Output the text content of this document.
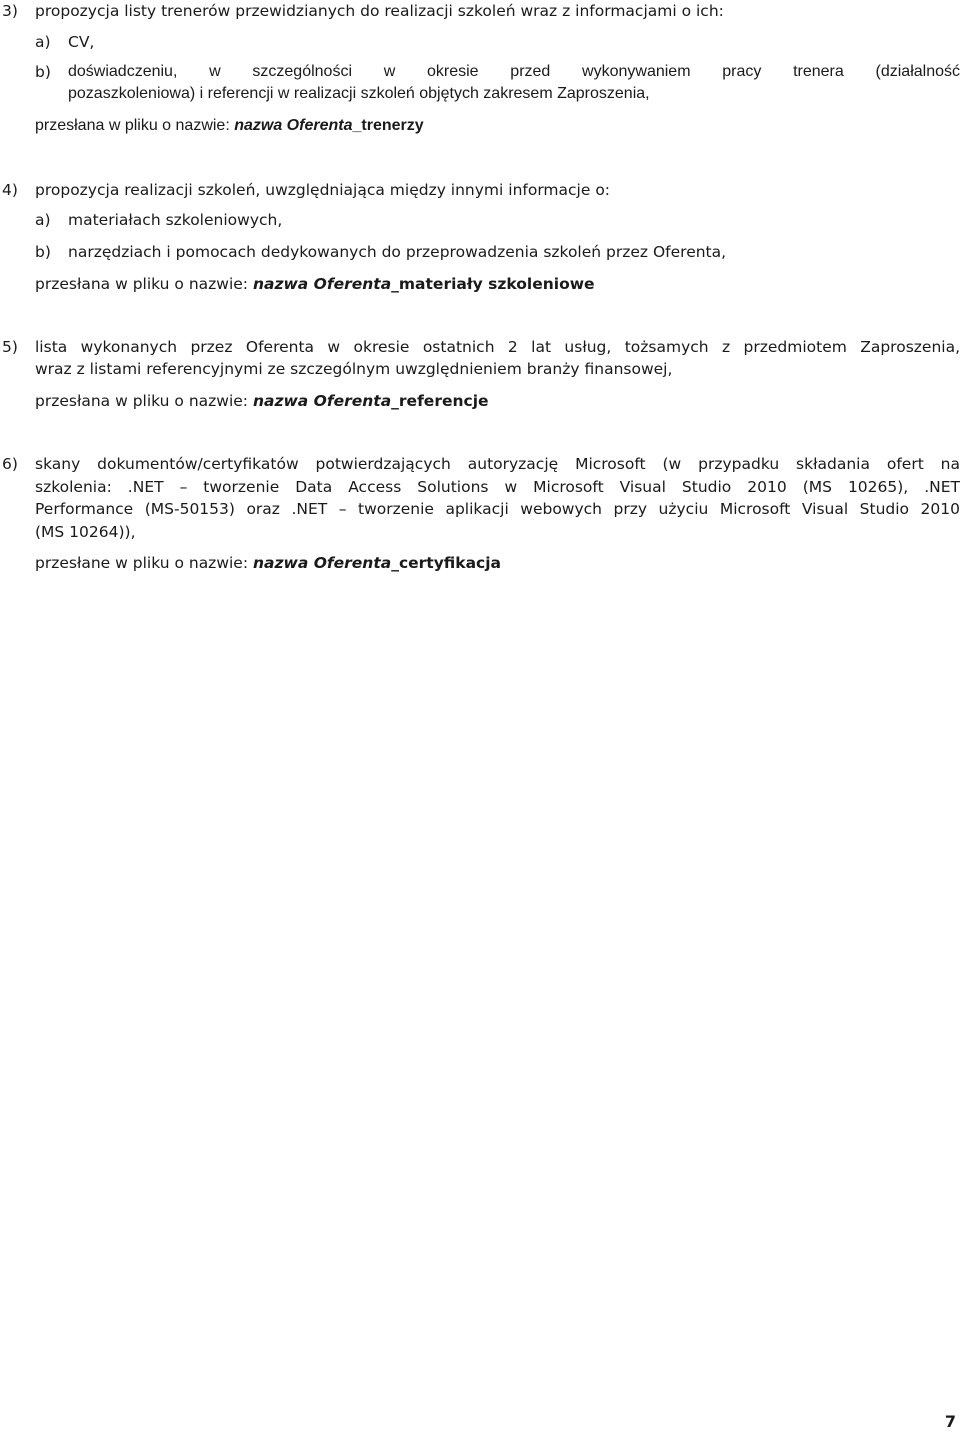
3) propozycja listy trenerów przewidzianych do realizacji szkoleń wraz z informacjami o ich:
a) CV,
b) doświadczeniu, w szczególności w okresie przed wykonywaniem pracy trenera (działalność
pozaszkoleniowa) i referencji w realizacji szkoleń objętych zakresem Zaproszenia,
przesłana w pliku o nazwie: nazwa Oferenta_trenerzy
4) propozycja realizacji szkoleń, uwzględniająca między innymi informacje o:
a) materiałach szkoleniowych,
b) narzędziach i pomocach dedykowanych do przeprowadzenia szkoleń przez Oferenta,
przesłana w pliku o nazwie: nazwa Oferenta_materiały szkoleniowe
5) lista wykonanych przez Oferenta w okresie ostatnich 2 lat usług, tożsamych z przedmiotem Zaproszenia,
wraz z listami referencyjnymi ze szczególnym uwzględnieniem branży finansowej,
przesłana w pliku o nazwie: nazwa Oferenta_referencje
6) skany dokumentów/certyfikatów potwierdzających autoryzację Microsoft (w przypadku składania ofert na
szkolenia: .NET – tworzenie Data Access Solutions w Microsoft Visual Studio 2010 (MS 10265), .NET
Performance (MS-50153) oraz .NET – tworzenie aplikacji webowych przy użyciu Microsoft Visual Studio 2010
(MS 10264)),
przesłane w pliku o nazwie: nazwa Oferenta_certyfikacja
7
